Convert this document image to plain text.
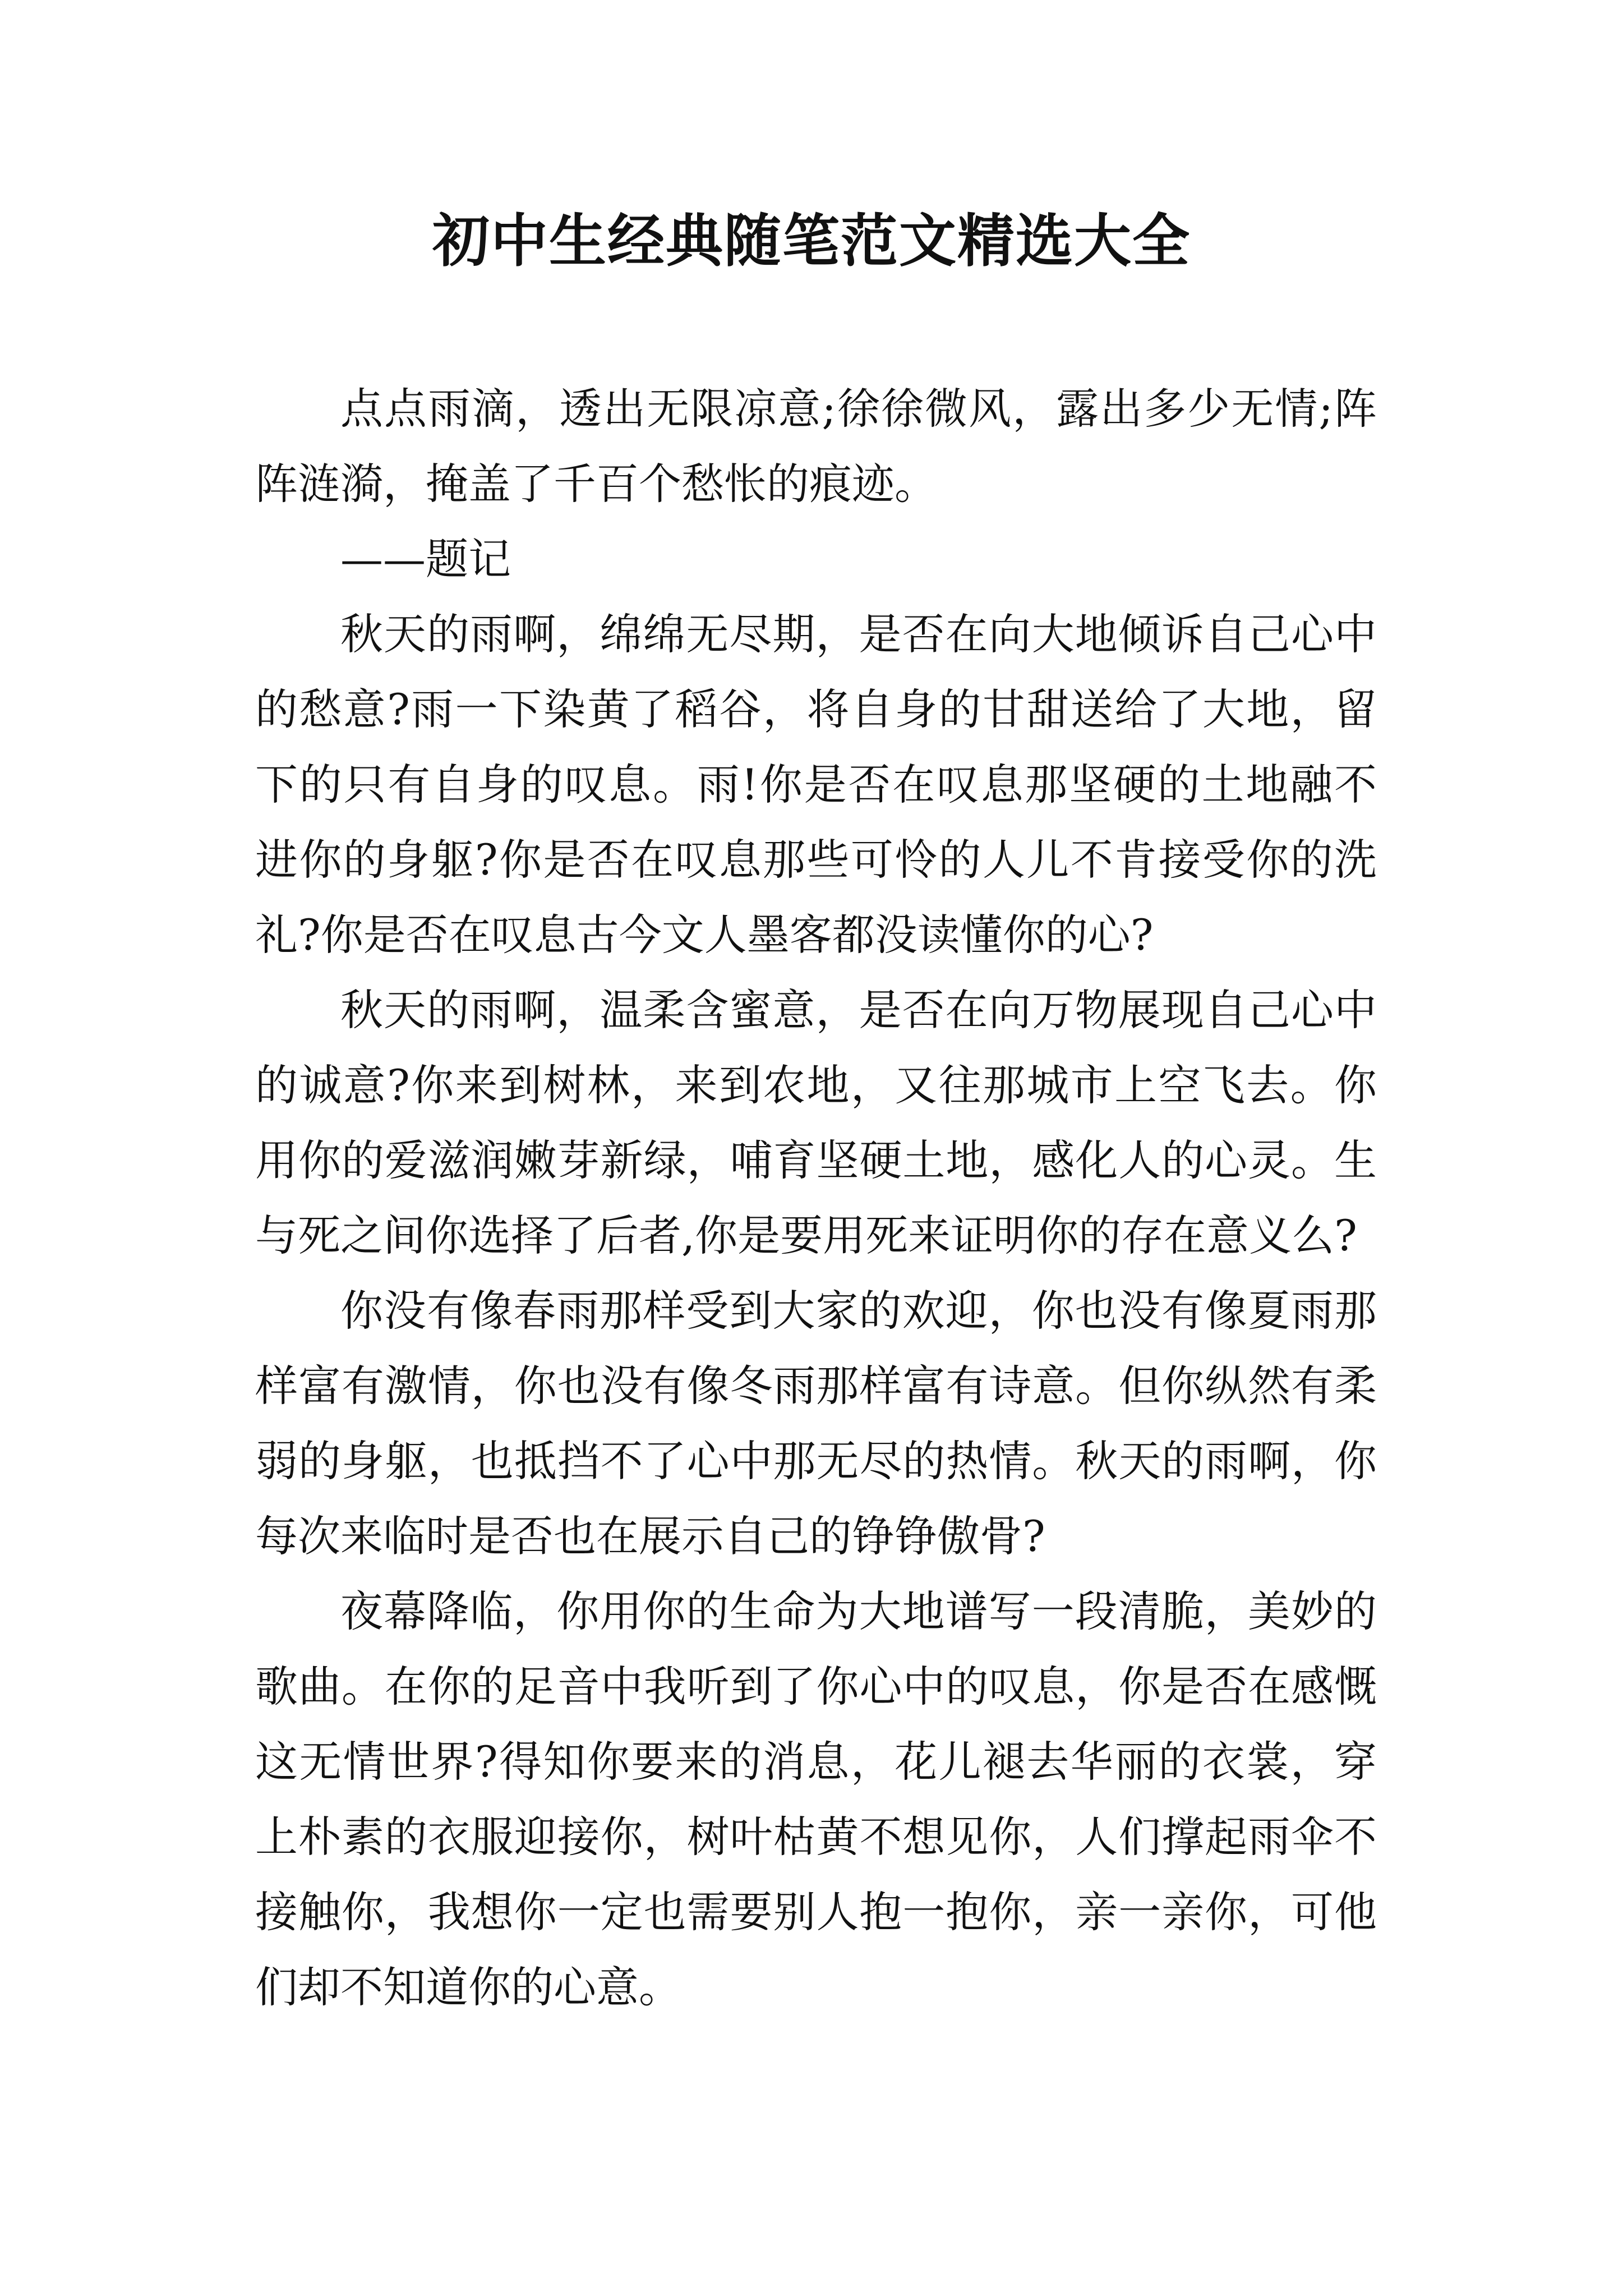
初中生经典随笔范文精选大全

点点雨滴，透出无限凉意;徐徐微风，露出多少无情;阵阵涟漪，掩盖了千百个愁怅的痕迹。

——题记

秋天的雨啊，绵绵无尽期，是否在向大地倾诉自己心中的愁意?雨一下染黄了稻谷，将自身的甘甜送给了大地，留下的只有自身的叹息。雨!你是否在叹息那坚硬的土地融不进你的身躯?你是否在叹息那些可怜的人儿不肯接受你的洗礼?你是否在叹息古今文人墨客都没读懂你的心?

秋天的雨啊，温柔含蜜意，是否在向万物展现自己心中的诚意?你来到树林，来到农地，又往那城市上空飞去。你用你的爱滋润嫩芽新绿，哺育坚硬土地，感化人的心灵。生与死之间你选择了后者,你是要用死来证明你的存在意义么?

你没有像春雨那样受到大家的欢迎，你也没有像夏雨那样富有激情，你也没有像冬雨那样富有诗意。但你纵然有柔弱的身躯，也抵挡不了心中那无尽的热情。秋天的雨啊，你每次来临时是否也在展示自己的铮铮傲骨?

夜幕降临，你用你的生命为大地谱写一段清脆，美妙的歌曲。在你的足音中我听到了你心中的叹息，你是否在感慨这无情世界?得知你要来的消息，花儿褪去华丽的衣裳，穿上朴素的衣服迎接你，树叶枯黄不想见你，人们撑起雨伞不接触你，我想你一定也需要别人抱一抱你，亲一亲你，可他们却不知道你的心意。
